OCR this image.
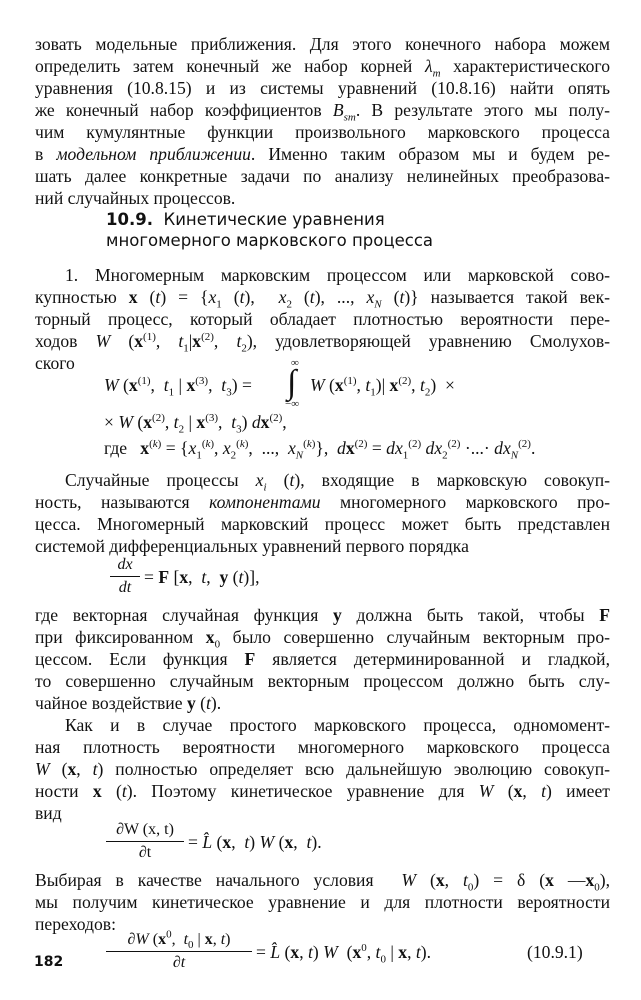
зовать модельные приближения. Для этого конечного набора можем
определить затем конечный же набор корней $\lambda_m$ характеристического
уравнения (10.8.15) и из системы уравнений (10.8.16) найти опять
же конечный набор коэффициентов $B_{sm}$. В результате этого мы полу-
чим кумулянтные функции произвольного марковского процесса
в модельном приближении. Именно таким образом мы и будем ре-
шать далее конкретные задачи по анализу нелинейных преобразова-
ний случайных процессов.
10.9. Кинетические уравнения
многомерного марковского процесса
1. Многомерным марковским процессом или марковской сово-
купностью x $(t) = \{x_1$ (t),  $x_2$ (t), ..., $x_N$ (t)} называется такой век-
торный процесс, который обладает плотностью вероятности пере-
ходов W ($x^{(1)}$, $t_1|x^{(2)}$, $t_2$), удовлетворяющей уравнению Смолухов-
ского
W ($x^{(1)}$,  $t_1$ | $x^{(3)}$,  $t_3$) =
∞
∫
−∞
W ($x^{(1)}$, $t_1)|$ $x^{(2)}$, $t_2$)  ×
× W ($x^{(2)}$, $t_2$ | $x^{(3)}$,  $t_3$) $dx^{(2)}$,
где   $x^{(k)} = \{x_1^{(k)}$, $x_2^{(k)}$,  ...,  $x_N^{(k)}$},  $dx^{(2)} = dx_1^{(2)}$ $dx_2^{(2)}$ ·...· $dx_N^{(2)}$.
Случайные процессы $x_i$ (t), входящие в марковскую совокуп-
ность, называются компонентами многомерного марковского про-
цесса. Многомерный марковский процесс может быть представлен
системой дифференциальных уравнений первого порядка
dx
dt
= F [x,  t,  y (t)],
где векторная случайная функция y должна быть такой, чтобы F
при фиксированном $x_0$ было совершенно случайным векторным про-
цессом. Если функция F является детерминированной и гладкой,
то совершенно случайным векторным процессом должно быть слу-
чайное воздействие y (t).
Как и в случае простого марковского процесса, одномомент-
ная плотность вероятности многомерного марковского процесса
W (x, t) полностью определяет всю дальнейшую эволюцию совокуп-
ности x (t). Поэтому кинетическое уравнение для W (x, t) имеет
вид
∂W (x, t)
∂t
= L̂ (x,  t) W (x,  t).
Выбирая в качестве начального условия  W (x, $t_0) = \delta$ (x $—x_0$),
мы получим кинетическое уравнение и для плотности вероятности
переходов:
∂W ($x^0$,  $t_0$ | x, t)
∂t
= L̂ (x, t) W  ($x^0$, $t_0$ | x, t).	(10.9.1)
182
